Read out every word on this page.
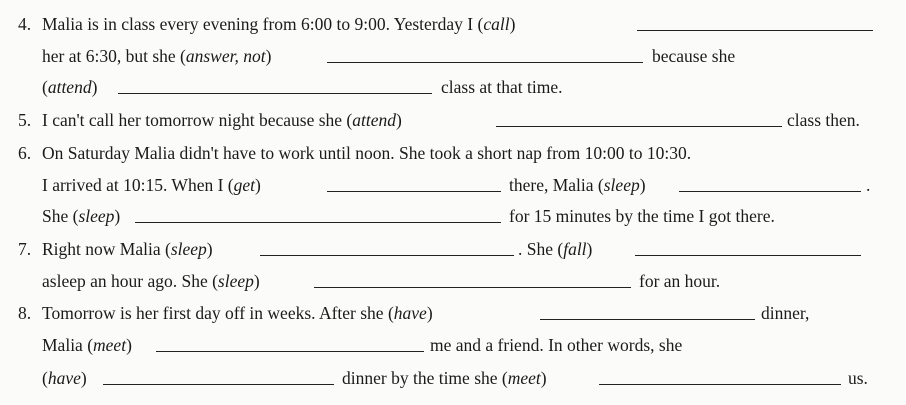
4. Malia is in class every evening from 6:00 to 9:00. Yesterday I (call)
her at 6:30, but she (answer, not)	because she
(attend)	class at that time.
5. I can't call her tomorrow night because she (attend)	class then.
6. On Saturday Malia didn't have to work until noon. She took a short nap from 10:00 to 10:30.
I arrived at 10:15. When I (get)	there, Malia (sleep)	.
She (sleep)	for 15 minutes by the time I got there.
7. Right now Malia (sleep)	. She (fall)
asleep an hour ago. She (sleep)	for an hour.
8. Tomorrow is her first day off in weeks. After she (have)	dinner,
Malia (meet)	me and a friend. In other words, she
(have)	dinner by the time she (meet)	us.
